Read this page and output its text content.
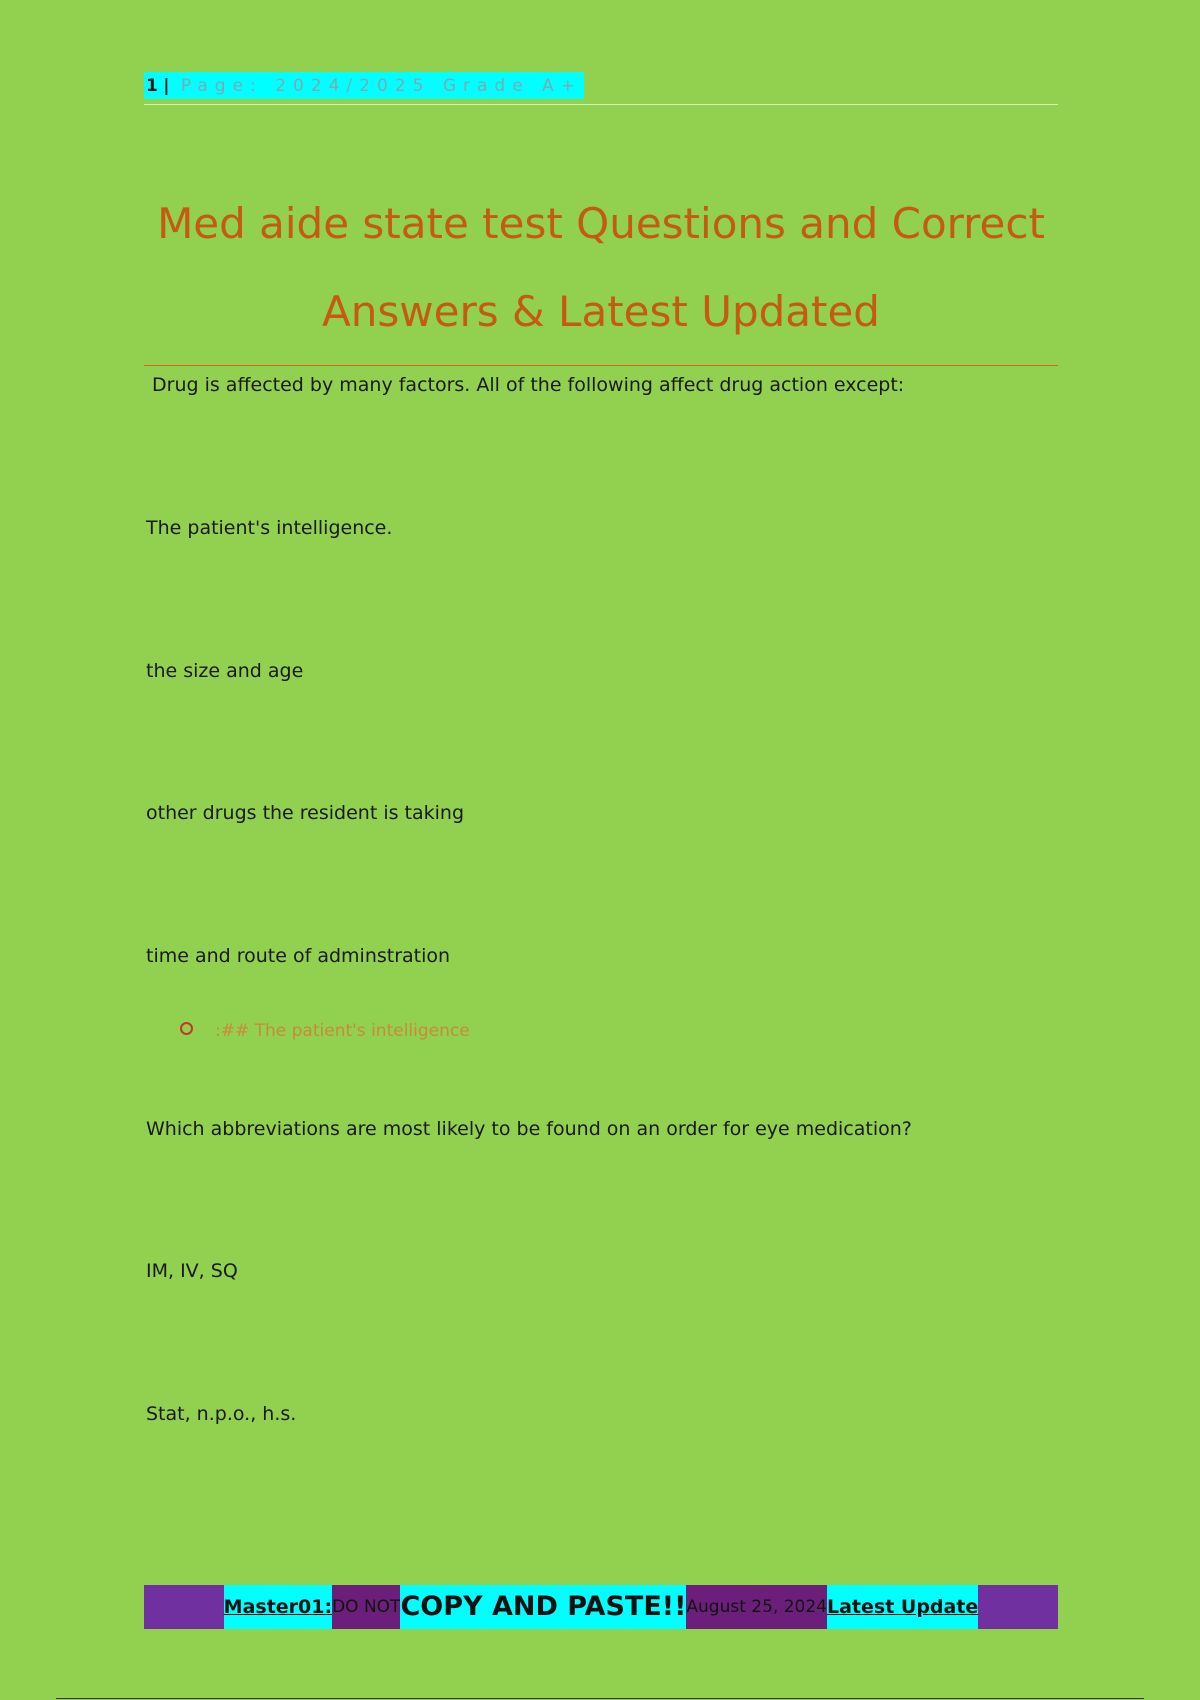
1 | Page: 2024/2025 Grade A+
Med aide state test Questions and Correct
Answers & Latest Updated
Drug is affected by many factors. All of the following affect drug action except:
The patient's intelligence.
the size and age
other drugs the resident is taking
time and route of adminstration
:## The patient's intelligence
Which abbreviations are most likely to be found on an order for eye medication?
IM, IV, SQ
Stat, n.p.o., h.s.
Master01: DO NOT COPY AND PASTE!! August 25, 2024 Latest Update
